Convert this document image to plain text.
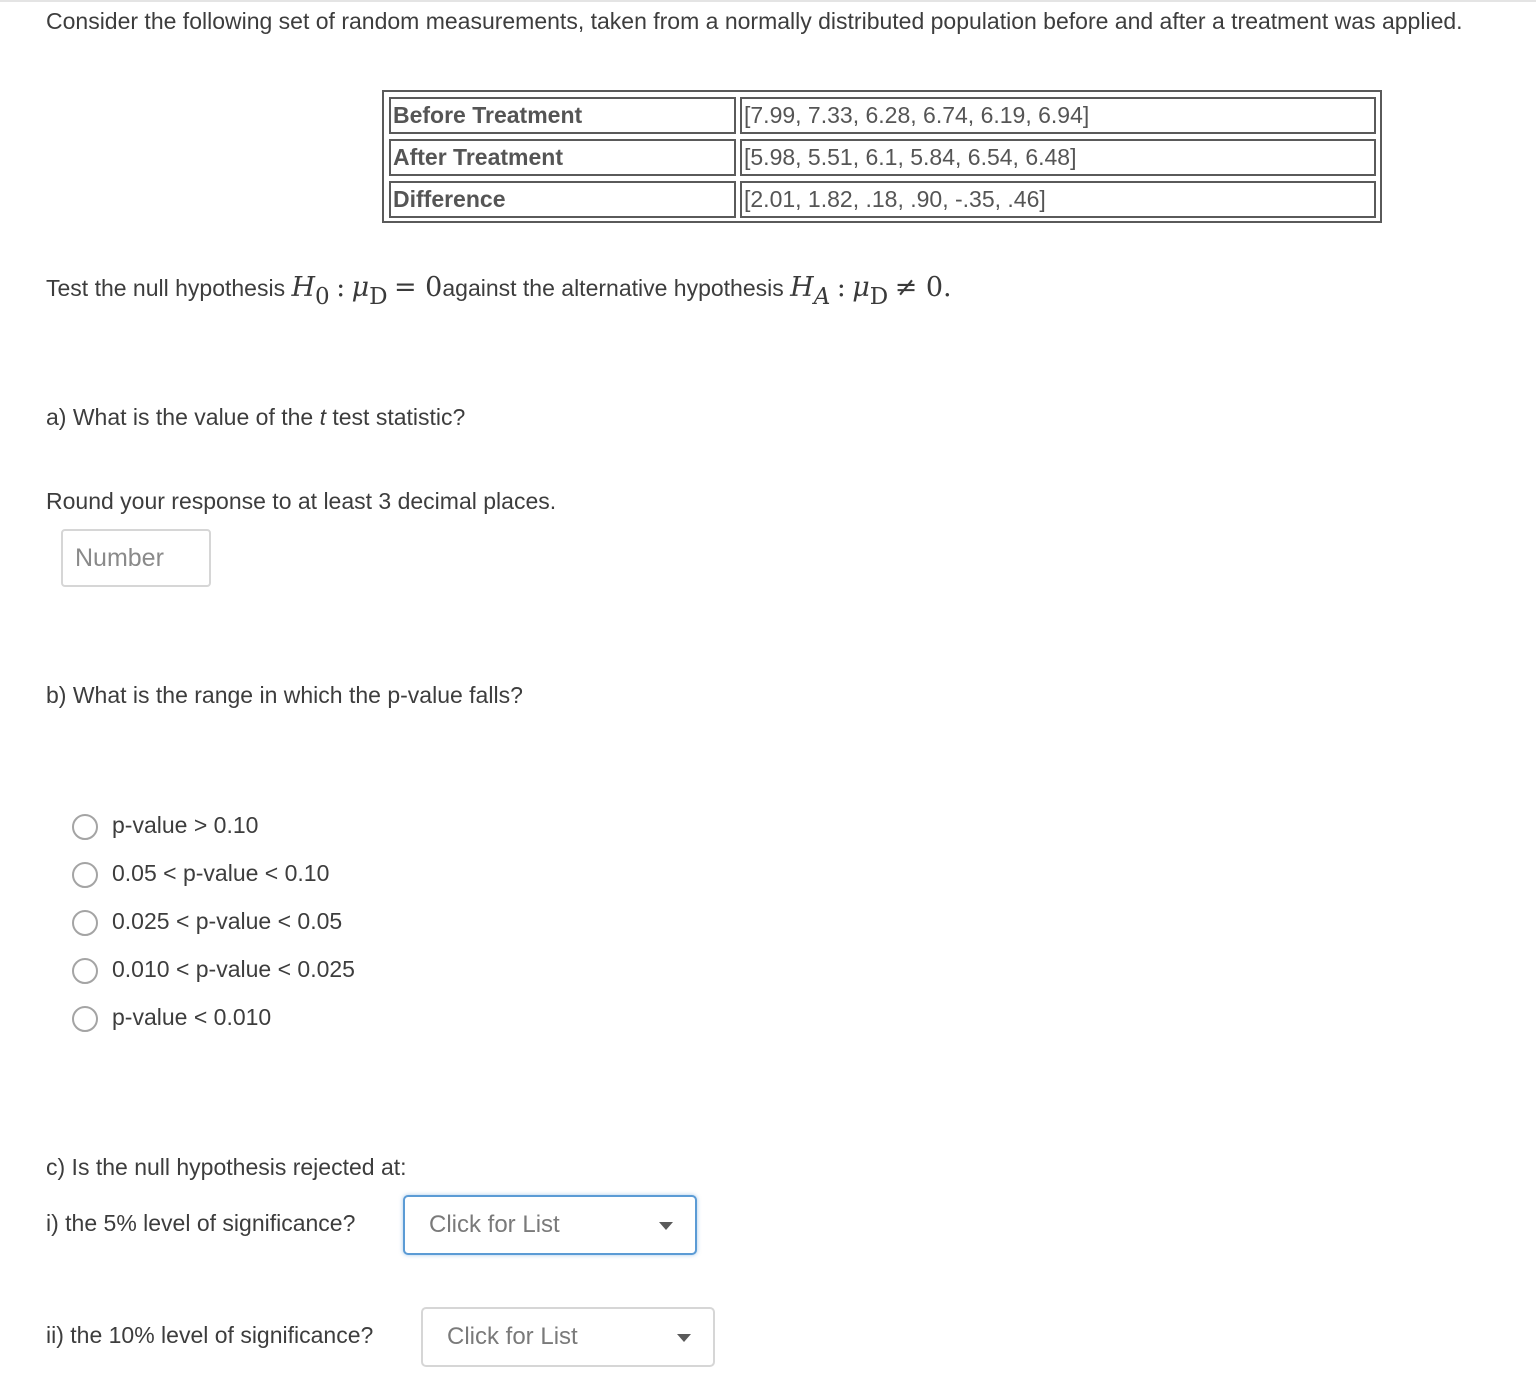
Consider the following set of random measurements, taken from a normally distributed population before and after a treatment was applied.
Before Treatment	[7.99, 7.33, 6.28, 6.74, 6.19, 6.94]
After Treatment	[5.98, 5.51, 6.1, 5.84, 6.54, 6.48]
Difference	[2.01, 1.82, .18, .90, -.35, .46]
Test the null hypothesis H0 : μD = 0against the alternative hypothesis HA : μD ≠ 0.
a) What is the value of the t test statistic?
Round your response to at least 3 decimal places.
Number
b) What is the range in which the p-value falls?
p-value > 0.10
0.05 < p-value < 0.10
0.025 < p-value < 0.05
0.010 < p-value < 0.025
p-value < 0.010
c) Is the null hypothesis rejected at:
i) the 5% level of significance?	Click for List
ii) the 10% level of significance?	Click for List
